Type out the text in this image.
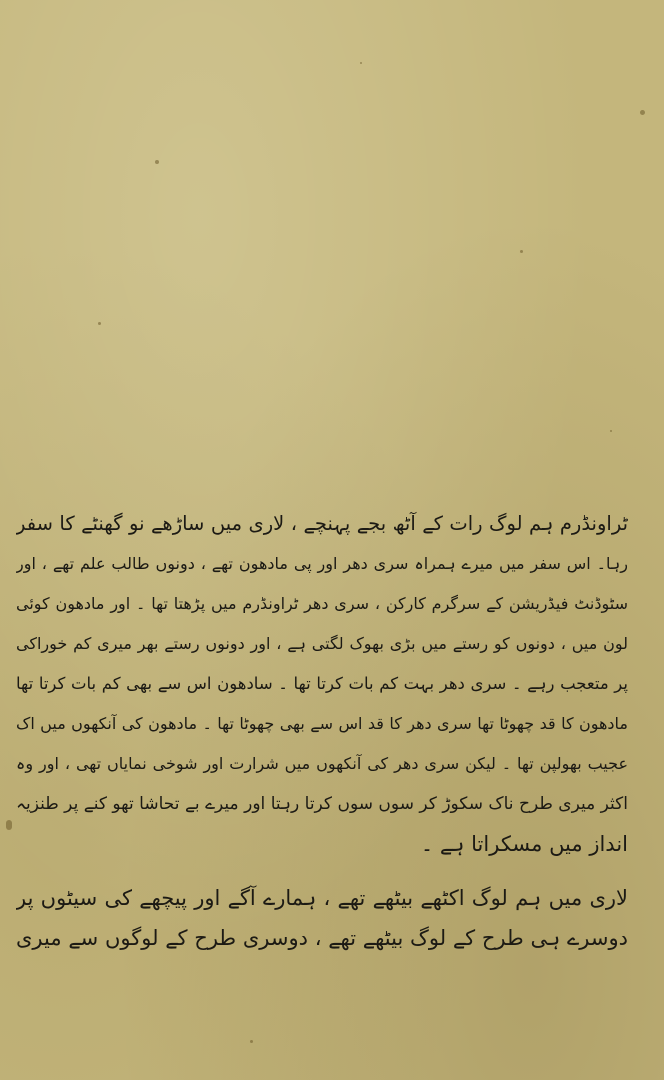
ٹراونڈرم ہم لوگ رات کے آٹھ بجے پہنچے ، لاری میں ساڑھے نو گھنٹے کا سفر
رہا۔ اس سفر میں میرے ہمراہ سری دھر اور پی مادھون تھے ، دونوں طالب علم تھے ، اور
سٹوڈنٹ فیڈریشن کے سرگرم کارکن ، سری دھر ٹراونڈرم میں پڑھتا تھا ۔ اور مادھون کوئی
لون میں ، دونوں کو رستے میں بڑی بھوک لگتی ہے ، اور دونوں رستے بھر میری کم خوراکی
پر متعجب رہے ۔ سری دھر بہت کم بات کرتا تھا ۔ سادھون اس سے بھی کم بات کرتا تھا
مادھون کا قد چھوٹا تھا سری دھر کا قد اس سے بھی چھوٹا تھا ۔ مادھون کی آنکھوں میں اک
عجیب بھولپن تھا ۔ لیکن سری دھر کی آنکھوں میں شرارت اور شوخی نمایاں تھی ، اور وہ
اکثر میری طرح ناک سکوڑ کر سوں سوں کرتا رہتا اور میرے بے تحاشا تھو کنے پر طنزیہ
انداز میں مسکراتا ہے ۔
لاری میں ہم لوگ اکٹھے بیٹھے تھے ، ہمارے آگے اور پیچھے کی سیٹوں پر
دوسرے ہی طرح کے لوگ بیٹھے تھے ، دوسری طرح کے لوگوں سے میری
